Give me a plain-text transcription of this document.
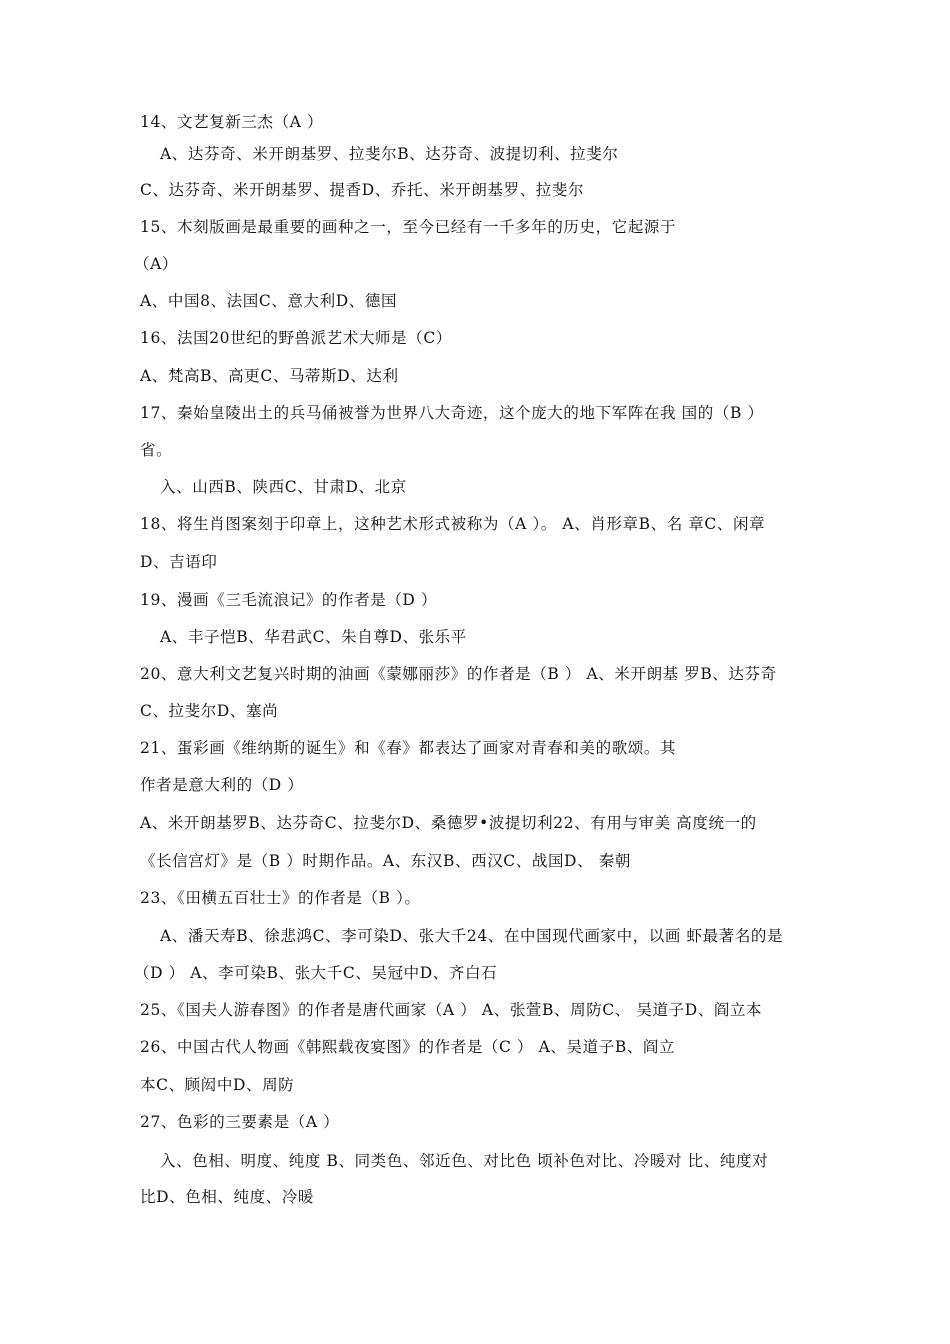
14、文艺复新三杰（A ）
A、达芬奇、米开朗基罗、拉斐尔B、达芬奇、波提切利、拉斐尔
C、达芬奇、米开朗基罗、提香D、乔托、米开朗基罗、拉斐尔
15、木刻版画是最重要的画种之一，至今已经有一千多年的历史，它起源于
（A）
A、中国8、法国C、意大利D、德国
16、法国20世纪的野兽派艺术大师是（C）
A、梵高B、高更C、马蒂斯D、达利
17、秦始皇陵出土的兵马俑被誉为世界八大奇迹，这个庞大的地下军阵在我 国的（B ）
省。
入、山西B、陕西C、甘肃D、北京
18、将生肖图案刻于印章上，这种艺术形式被称为（A ）。 A、肖形章B、名 章C、闲章
D、吉语印
19、漫画《三毛流浪记》的作者是（D ）
A、丰子恺B、华君武C、朱自尊D、张乐平
20、意大利文艺复兴时期的油画《蒙娜丽莎》的作者是（B ） A、米开朗基 罗B、达芬奇
C、拉斐尔D、塞尚
21、蛋彩画《维纳斯的诞生》和《春》都表达了画家对青春和美的歌颂。其
作者是意大利的（D ）
A、米开朗基罗B、达芬奇C、拉斐尔D、桑德罗•波提切利22、有用与审美 高度统一的
《长信宫灯》是（B ）时期作品。A、东汉B、西汉C、战国D、 秦朝
23、《田横五百壮士》的作者是（B ）。
A、潘天寿B、徐悲鸿C、李可染D、张大千24、在中国现代画家中，以画 虾最著名的是
（D ） A、李可染B、张大千C、吴冠中D、齐白石
25、《国夫人游春图》的作者是唐代画家（A ） A、张萱B、周防C、 吴道子D、阎立本
26、中国古代人物画《韩熙载夜宴图》的作者是（C ） A、吴道子B、阎立
本C、顾闳中D、周防
27、色彩的三要素是（A ）
入、色相、明度、纯度 B、同类色、邻近色、对比色 顷补色对比、冷暖对 比、纯度对
比D、色相、纯度、冷暖
